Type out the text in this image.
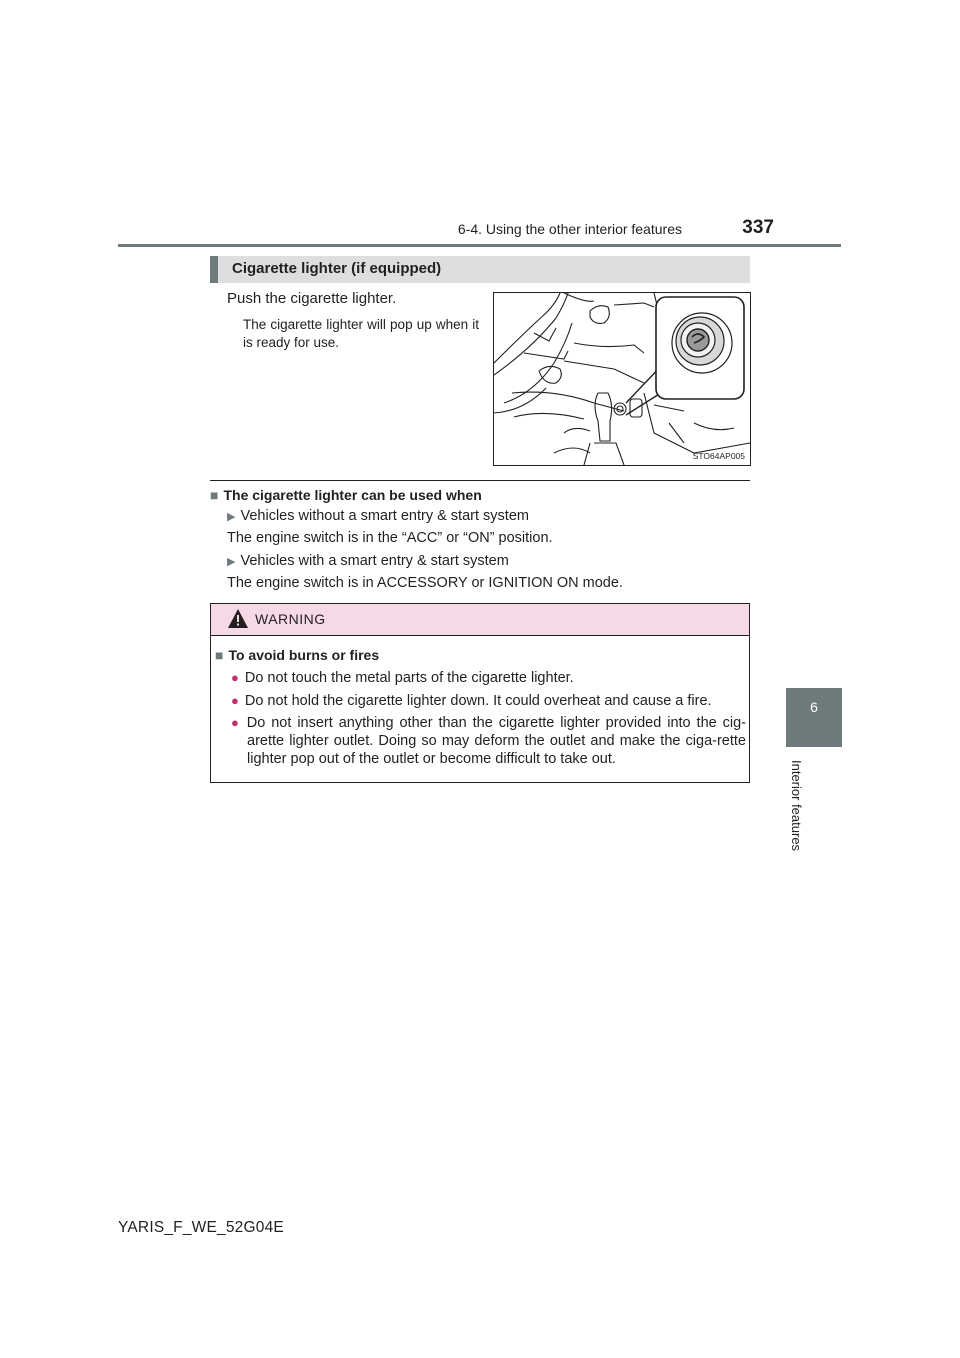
6-4. Using the other interior features	337
6
Interior features
Cigarette lighter (if equipped)
Push the cigarette lighter.
The cigarette lighter will pop up when it is ready for use.
STO64AP005
■ The cigarette lighter can be used when
▶ Vehicles without a smart entry & start system
The engine switch is in the “ACC” or “ON” position.
▶ Vehicles with a smart entry & start system
The engine switch is in ACCESSORY or IGNITION ON mode.
WARNING
■ To avoid burns or fires
● Do not touch the metal parts of the cigarette lighter.
● Do not hold the cigarette lighter down. It could overheat and cause a fire.
● Do not insert anything other than the cigarette lighter provided into the cig-arette lighter outlet. Doing so may deform the outlet and make the ciga-rette lighter pop out of the outlet or become difficult to take out.
YARIS_F_WE_52G04E
